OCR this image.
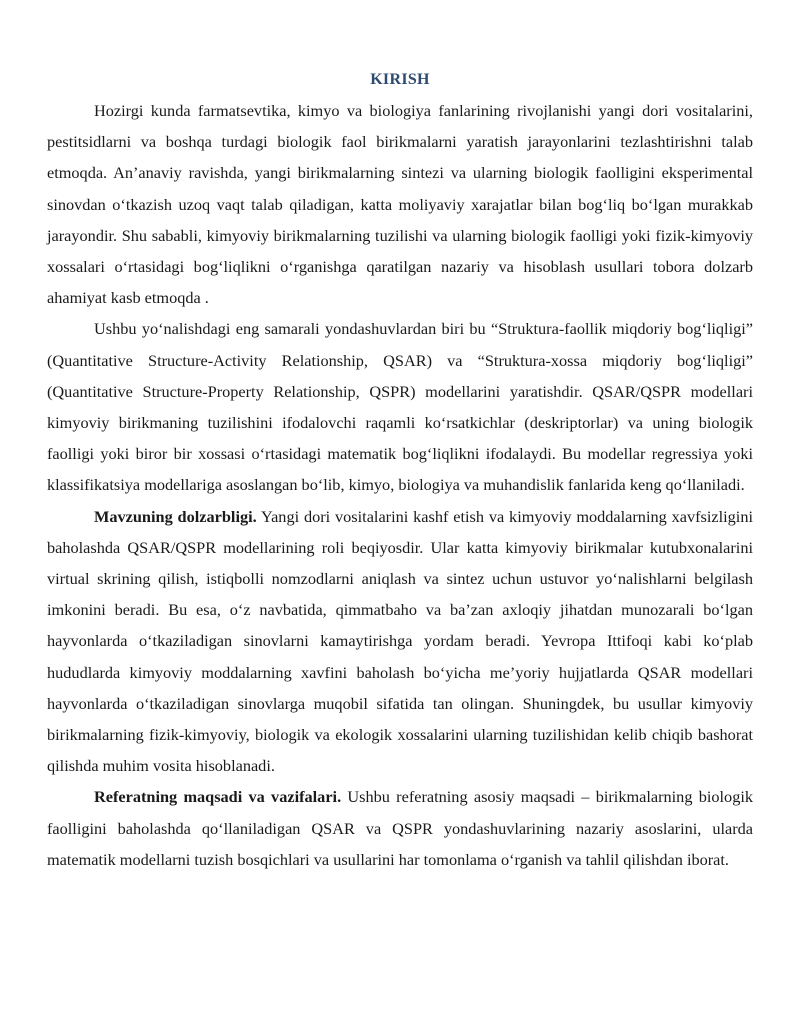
KIRISH

Hozirgi kunda farmatsevtika, kimyo va biologiya fanlarining rivojlanishi yangi dori vositalarini, pestitsidlarni va boshqa turdagi biologik faol birikmalarni yaratish jarayonlarini tezlashtirishni talab etmoqda. An’anaviy ravishda, yangi birikmalarning sintezi va ularning biologik faolligini eksperimental sinovdan o‘tkazish uzoq vaqt talab qiladigan, katta moliyaviy xarajatlar bilan bog‘liq bo‘lgan murakkab jarayondir. Shu sababli, kimyoviy birikmalarning tuzilishi va ularning biologik faolligi yoki fizik-kimyoviy xossalari o‘rtasidagi bog‘liqlikni o‘rganishga qaratilgan nazariy va hisoblash usullari tobora dolzarb ahamiyat kasb etmoqda .

Ushbu yo‘nalishdagi eng samarali yondashuvlardan biri bu “Struktura-faollik miqdoriy bog‘liqligi” (Quantitative Structure-Activity Relationship, QSAR) va “Struktura-xossa miqdoriy bog‘liqligi” (Quantitative Structure-Property Relationship, QSPR) modellarini yaratishdir. QSAR/QSPR modellari kimyoviy birikmaning tuzilishini ifodalovchi raqamli ko‘rsatkichlar (deskriptorlar) va uning biologik faolligi yoki biror bir xossasi o‘rtasidagi matematik bog‘liqlikni ifodalaydi. Bu modellar regressiya yoki klassifikatsiya modellariga asoslangan bo‘lib, kimyo, biologiya va muhandislik fanlarida keng qo‘llaniladi.

Mavzuning dolzarbligi. Yangi dori vositalarini kashf etish va kimyoviy moddalarning xavfsizligini baholashda QSAR/QSPR modellarining roli beqiyosdir. Ular katta kimyoviy birikmalar kutubxonalarini virtual skrining qilish, istiqbolli nomzodlarni aniqlash va sintez uchun ustuvor yo‘nalishlarni belgilash imkonini beradi. Bu esa, o‘z navbatida, qimmatbaho va ba’zan axloqiy jihatdan munozarali bo‘lgan hayvonlarda o‘tkaziladigan sinovlarni kamaytirishga yordam beradi. Yevropa Ittifoqi kabi ko‘plab hududlarda kimyoviy moddalarning xavfini baholash bo‘yicha me’yoriy hujjatlarda QSAR modellari hayvonlarda o‘tkaziladigan sinovlarga muqobil sifatida tan olingan. Shuningdek, bu usullar kimyoviy birikmalarning fizik-kimyoviy, biologik va ekologik xossalarini ularning tuzilishidan kelib chiqib bashorat qilishda muhim vosita hisoblanadi.

Referatning maqsadi va vazifalari. Ushbu referatning asosiy maqsadi – birikmalarning biologik faolligini baholashda qo‘llaniladigan QSAR va QSPR yondashuvlarining nazariy asoslarini, ularda matematik modellarni tuzish bosqichlari va usullarini har tomonlama o‘rganish va tahlil qilishdan iborat.
